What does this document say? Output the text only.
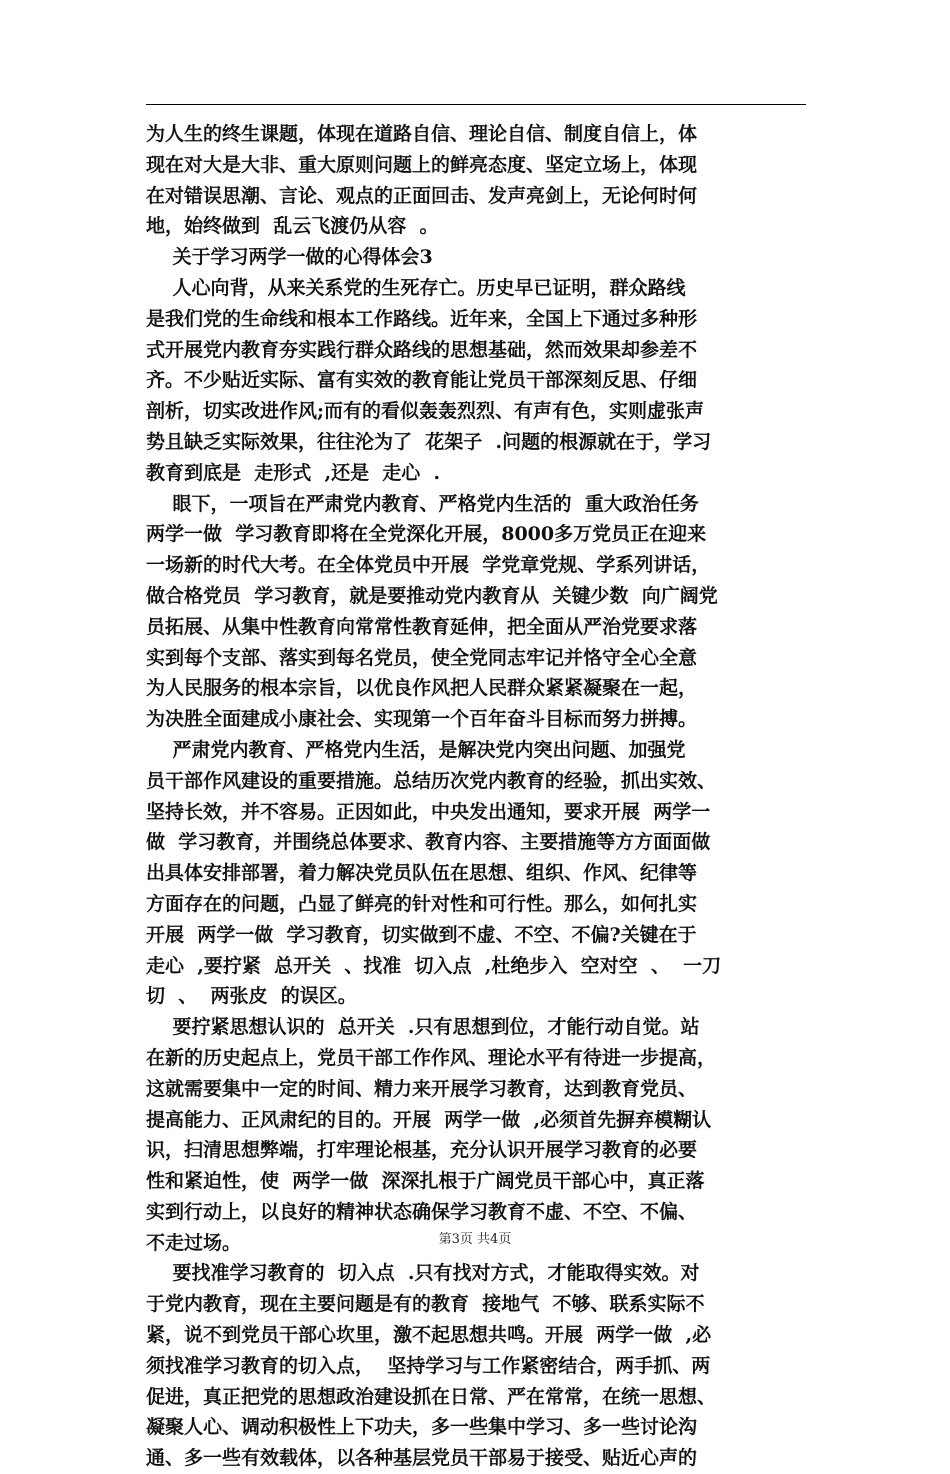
为人生的终生课题，体现在道路自信、理论自信、制度自信上，体
现在对大是大非、重大原则问题上的鲜亮态度、坚定立场上，体现
在对错误思潮、言论、观点的正面回击、发声亮剑上，无论何时何
地，始终做到  乱云飞渡仍从容  。
关于学习两学一做的心得体会3
人心向背，从来关系党的生死存亡。历史早已证明，群众路线
是我们党的生命线和根本工作路线。近年来，全国上下通过多种形
式开展党内教育夯实践行群众路线的思想基础，然而效果却参差不
齐。不少贴近实际、富有实效的教育能让党员干部深刻反思、仔细
剖析，切实改进作风;而有的看似轰轰烈烈、有声有色，实则虚张声
势且缺乏实际效果，往往沦为了  花架子  .问题的根源就在于，学习
教育到底是  走形式  ,还是  走心  .
眼下，一项旨在严肃党内教育、严格党内生活的  重大政治任务
两学一做  学习教育即将在全党深化开展，8000多万党员正在迎来
一场新的时代大考。在全体党员中开展  学党章党规、学系列讲话，
做合格党员  学习教育，就是要推动党内教育从  关键少数  向广阔党
员拓展、从集中性教育向常常性教育延伸，把全面从严治党要求落
实到每个支部、落实到每名党员，使全党同志牢记并恪守全心全意
为人民服务的根本宗旨，以优良作风把人民群众紧紧凝聚在一起，
为决胜全面建成小康社会、实现第一个百年奋斗目标而努力拼搏。
严肃党内教育、严格党内生活，是解决党内突出问题、加强党
员干部作风建设的重要措施。总结历次党内教育的经验，抓出实效、
坚持长效，并不容易。正因如此，中央发出通知，要求开展  两学一
做  学习教育，并围绕总体要求、教育内容、主要措施等方方面面做
出具体安排部署，着力解决党员队伍在思想、组织、作风、纪律等
方面存在的问题，凸显了鲜亮的针对性和可行性。那么，如何扎实
开展  两学一做  学习教育，切实做到不虚、不空、不偏?关键在于
走心  ,要拧紧  总开关  、找准  切入点  ,杜绝步入  空对空  、  一刀
切  、  两张皮  的误区。
要拧紧思想认识的  总开关  .只有思想到位，才能行动自觉。站
在新的历史起点上，党员干部工作作风、理论水平有待进一步提高，
这就需要集中一定的时间、精力来开展学习教育，达到教育党员、
提高能力、正风肃纪的目的。开展  两学一做  ,必须首先摒弃模糊认
识，扫清思想弊端，打牢理论根基，充分认识开展学习教育的必要
性和紧迫性，使  两学一做  深深扎根于广阔党员干部心中，真正落
实到行动上，以良好的精神状态确保学习教育不虚、不空、不偏、
不走过场。
要找准学习教育的  切入点  .只有找对方式，才能取得实效。对
于党内教育，现在主要问题是有的教育  接地气  不够、联系实际不
紧，说不到党员干部心坎里，激不起思想共鸣。开展  两学一做  ,必
须找准学习教育的切入点，  坚持学习与工作紧密结合，两手抓、两
促进，真正把党的思想政治建设抓在日常、严在常常，在统一思想、
凝聚人心、调动积极性上下功夫，多一些集中学习、多一些讨论沟
通、多一些有效载体，以各种基层党员干部易于接受、贴近心声的
第3页 共4页
